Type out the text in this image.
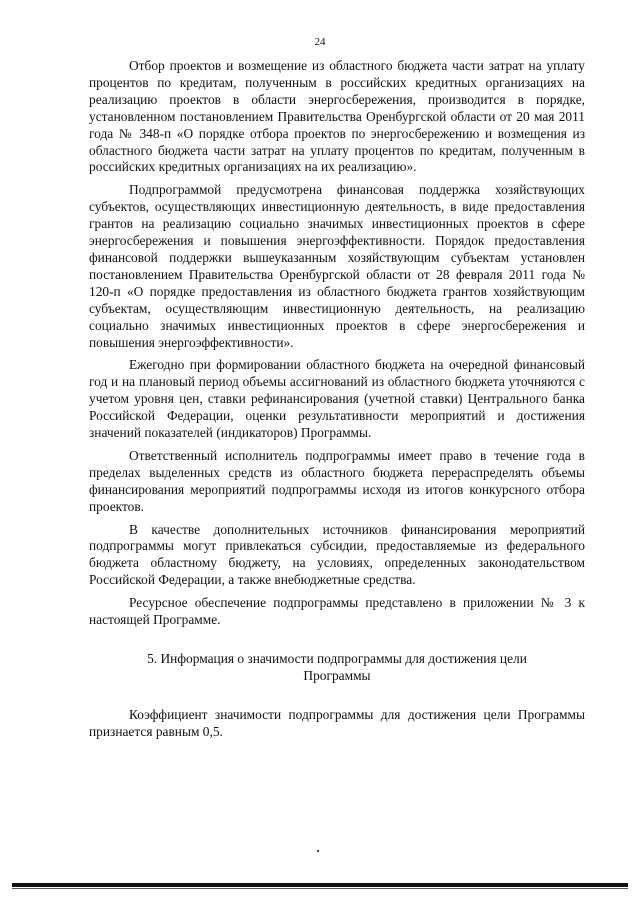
24

Отбор проектов и возмещение из областного бюджета части затрат на уплату процентов по кредитам, полученным в российских кредитных организациях на реализацию проектов в области энергосбережения, производится в порядке, установленном постановлением Правительства Оренбургской области от 20 мая 2011 года № 348-п «О порядке отбора проектов по энергосбережению и возмещения из областного бюджета части затрат на уплату процентов по кредитам, полученным в российских кредитных организациях на их реализацию».

Подпрограммой предусмотрена финансовая поддержка хозяйствующих субъектов, осуществляющих инвестиционную деятельность, в виде предоставления грантов на реализацию социально значимых инвестиционных проектов в сфере энергосбережения и повышения энергоэффективности. Порядок предоставления финансовой поддержки вышеуказанным хозяйствующим субъектам установлен постановлением Правительства Оренбургской области от 28 февраля 2011 года № 120-п «О порядке предоставления из областного бюджета грантов хозяйствующим субъектам, осуществляющим инвестиционную деятельность, на реализацию социально значимых инвестиционных проектов в сфере энергосбережения и повышения энергоэффективности».

Ежегодно при формировании областного бюджета на очередной финансовый год и на плановый период объемы ассигнований из областного бюджета уточняются с учетом уровня цен, ставки рефинансирования (учетной ставки) Центрального банка Российской Федерации, оценки результативности мероприятий и достижения значений показателей (индикаторов) Программы.

Ответственный исполнитель подпрограммы имеет право в течение года в пределах выделенных средств из областного бюджета перераспределять объемы финансирования мероприятий подпрограммы исходя из итогов конкурсного отбора проектов.

В качестве дополнительных источников финансирования мероприятий подпрограммы могут привлекаться субсидии, предоставляемые из федерального бюджета областному бюджету, на условиях, определенных законодательством Российской Федерации, а также внебюджетные средства.

Ресурсное обеспечение подпрограммы представлено в приложении № 3 к настоящей Программе.

5. Информация о значимости подпрограммы для достижения цели
Программы

Коэффициент значимости подпрограммы для достижения цели Программы признается равным 0,5.
